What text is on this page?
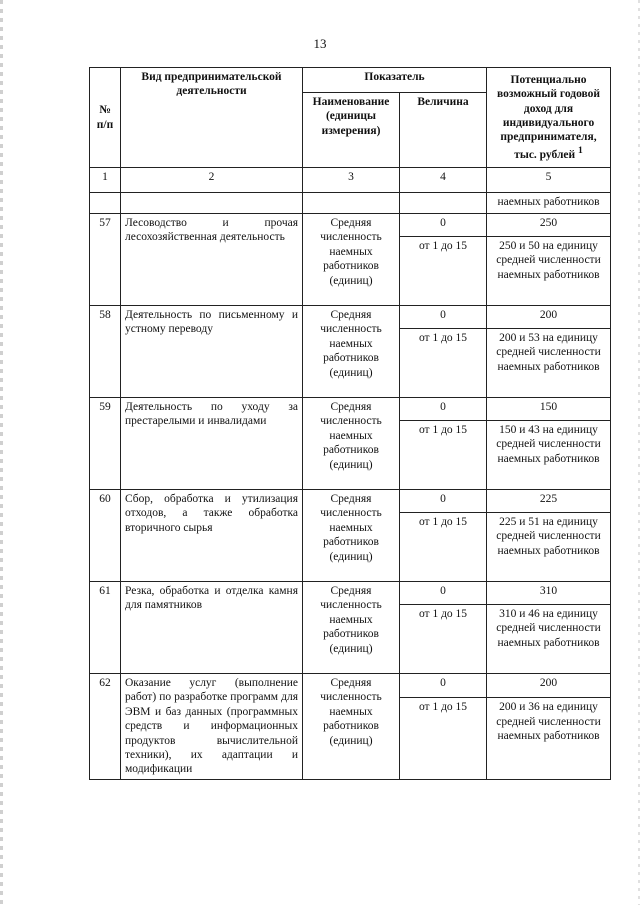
13
№ п/п	Вид предпринимательской деятельности	Показатель		Потенциально возможный годовой доход для индивидуального предпринимателя, тыс. рублей $^1$
		Наименование (единицы измерения)	Величина	
1	2	3	4	5
				наемных работников
57	Лесоводство и прочая лесохозяйственная деятельность	Средняя численность наемных работников (единиц)	0	250
			от 1 до 15	250 и 50 на единицу средней численности наемных работников
58	Деятельность по письменному и устному переводу	Средняя численность наемных работников (единиц)	0	200
			от 1 до 15	200 и 53 на единицу средней численности наемных работников
59	Деятельность по уходу за престарелыми и инвалидами	Средняя численность наемных работников (единиц)	0	150
			от 1 до 15	150 и 43 на единицу средней численности наемных работников
60	Сбор, обработка и утилизация отходов, а также обработка вторичного сырья	Средняя численность наемных работников (единиц)	0	225
			от 1 до 15	225 и 51 на единицу средней численности наемных работников
61	Резка, обработка и отделка камня для памятников	Средняя численность наемных работников (единиц)	0	310
			от 1 до 15	310 и 46 на единицу средней численности наемных работников
62	Оказание услуг (выполнение работ) по разработке программ для ЭВМ и баз данных (программных средств и информационных продуктов вычислительной техники), их адаптации и модификации	Средняя численность наемных работников (единиц)	0	200
			от 1 до 15	200 и 36 на единицу средней численности наемных работников
